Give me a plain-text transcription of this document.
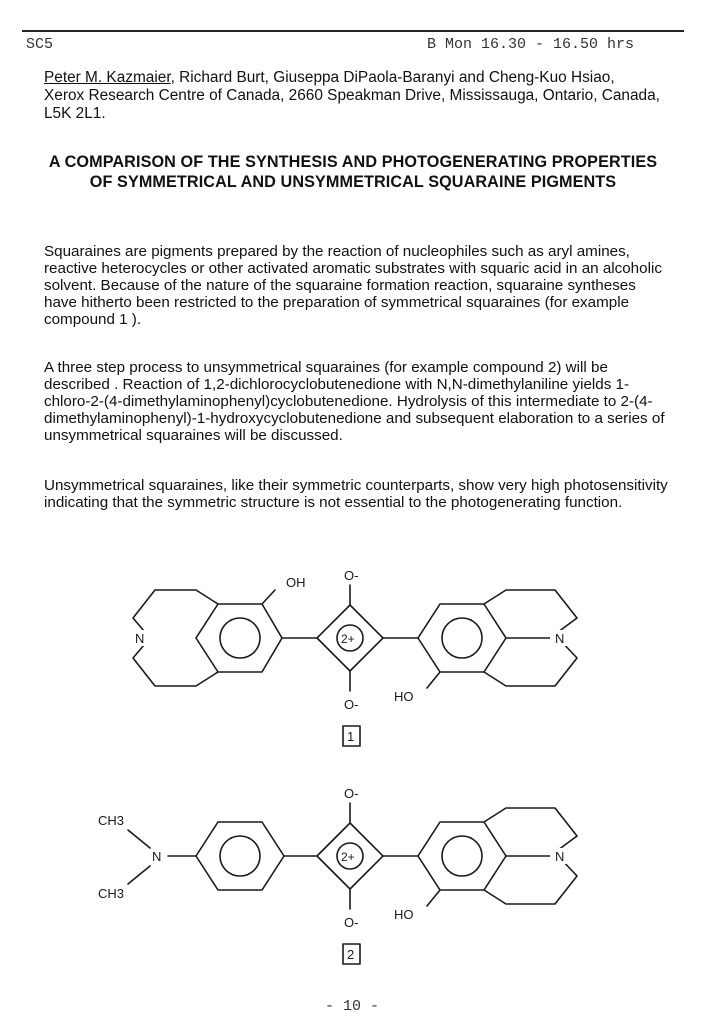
SC5	B Mon 16.30 - 16.50 hrs
Peter M. Kazmaier, Richard Burt, Giuseppa DiPaola-Baranyi and Cheng-Kuo Hsiao,
Xerox Research Centre of Canada, 2660 Speakman Drive, Mississauga, Ontario, Canada, L5K 2L1.
A COMPARISON OF THE SYNTHESIS AND PHOTOGENERATING PROPERTIES OF SYMMETRICAL AND UNSYMMETRICAL SQUARAINE PIGMENTS
Squaraines are pigments prepared by the reaction of nucleophiles such as aryl amines, reactive heterocycles or other activated aromatic substrates with squaric acid in an alcoholic solvent. Because of the nature of the squaraine formation reaction, squaraine syntheses have hitherto been restricted to the preparation of symmetrical squaraines (for example compound 1 ).
A three step process to unsymmetrical squaraines (for example compound 2) will be described . Reaction of 1,2-dichlorocyclobutenedione with N,N-dimethylaniline yields 1-chloro-2-(4-dimethylaminophenyl)cyclobutenedione. Hydrolysis of this intermediate to 2-(4-dimethylaminophenyl)-1-hydroxycyclobutenedione and subsequent elaboration to a series of unsymmetrical squaraines will be discussed.
Unsymmetrical squaraines, like their symmetric counterparts, show very high photosensitivity indicating that the symmetric structure is not essential to the photogenerating function.
N
OH	O-
2+
O-
HO
N
1
CH3
N
CH3
O-
2+
O-
HO
N
2
- 10 -
